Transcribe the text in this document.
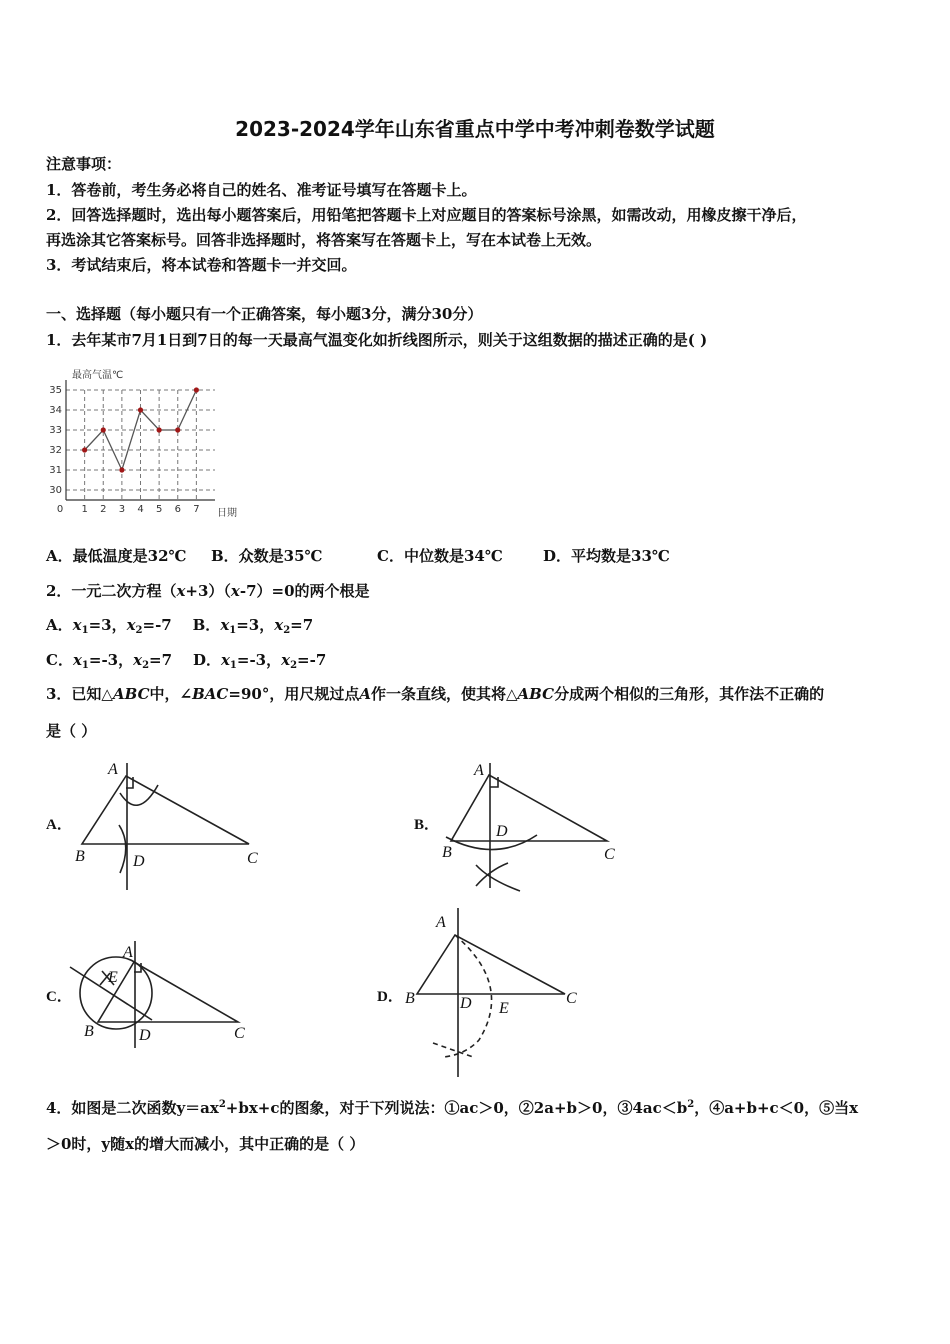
2023-2024学年山东省重点中学中考冲刺卷数学试题
注意事项：
1．答卷前，考生务必将自己的姓名、准考证号填写在答题卡上。
2．回答选择题时，选出每小题答案后，用铅笔把答题卡上对应题目的答案标号涂黑，如需改动，用橡皮擦干净后，
再选涂其它答案标号。回答非选择题时，将答案写在答题卡上，写在本试卷上无效。
3．考试结束后，将本试卷和答题卡一并交回。
一、选择题（每小题只有一个正确答案，每小题3分，满分30分）
1．去年某市7月1日到7日的每一天最高气温变化如折线图所示，则关于这组数据的描述正确的是( )
30
31
32
33
34
35
0 1 2 3 4 5 6 7
最高气温℃
日期
A．最低温度是32℃ B．众数是35℃	C．中位数是34℃	D．平均数是33℃
2．一元二次方程（x+3）（x-7）=0的两个根是
A．$x_1=3$，$x_2=-7$ B．$x_1=3$，$x_2=7$
C．$x_1=-3$，$x_2=7$ D．$x_1=-3$，$x_2=-7$
3．已知△ABC中，∠BAC=90°，用尺规过点A作一条直线，使其将△ABC分成两个相似的三角形，其作法不正确的
是（ ）
A．
A
B	D	C
B．
A
B
D
C
C．
A
E
B	D	C
D．
A
B	D E
C
4．如图是二次函数$y=ax^2+bx+c$的图象，对于下列说法：①ac＞0，②2a+b＞0，$③4ac<b^2$，④a+b+c＜0，⑤当x
＞0时，y随x的增大而减小，其中正确的是（ ）
